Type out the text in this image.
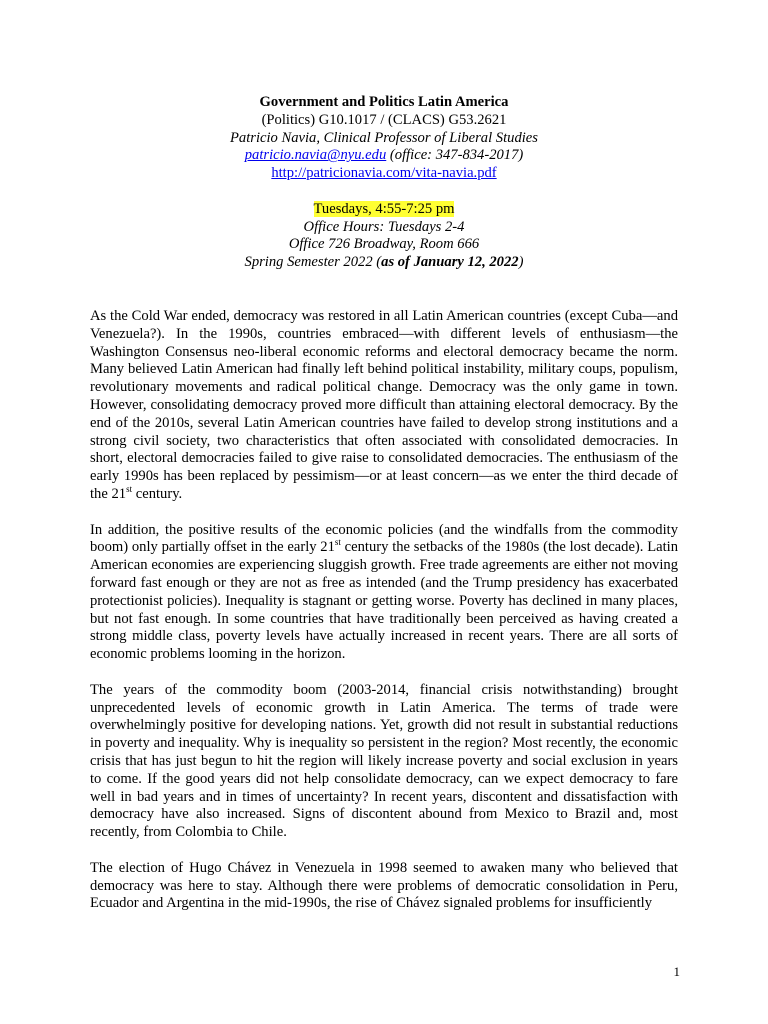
Government and Politics Latin America
(Politics) G10.1017 / (CLACS) G53.2621
Patricio Navia, Clinical Professor of Liberal Studies
patricio.navia@nyu.edu (office: 347-834-2017)
http://patricionavia.com/vita-navia.pdf
Tuesdays, 4:55-7:25 pm
Office Hours: Tuesdays 2-4
Office 726 Broadway, Room 666
Spring Semester 2022 (as of January 12, 2022)

As the Cold War ended, democracy was restored in all Latin American countries (except Cuba—and Venezuela?). In the 1990s, countries embraced—with different levels of enthusiasm—the Washington Consensus neo-liberal economic reforms and electoral democracy became the norm. Many believed Latin American had finally left behind political instability, military coups, populism, revolutionary movements and radical political change. Democracy was the only game in town. However, consolidating democracy proved more difficult than attaining electoral democracy. By the end of the 2010s, several Latin American countries have failed to develop strong institutions and a strong civil society, two characteristics that often associated with consolidated democracies. In short, electoral democracies failed to give raise to consolidated democracies. The enthusiasm of the early 1990s has been replaced by pessimism—or at least concern—as we enter the third decade of the 21st century.

In addition, the positive results of the economic policies (and the windfalls from the commodity boom) only partially offset in the early 21st century the setbacks of the 1980s (the lost decade). Latin American economies are experiencing sluggish growth. Free trade agreements are either not moving forward fast enough or they are not as free as intended (and the Trump presidency has exacerbated protectionist policies). Inequality is stagnant or getting worse. Poverty has declined in many places, but not fast enough. In some countries that have traditionally been perceived as having created a strong middle class, poverty levels have actually increased in recent years. There are all sorts of economic problems looming in the horizon.

The years of the commodity boom (2003-2014, financial crisis notwithstanding) brought unprecedented levels of economic growth in Latin America. The terms of trade were overwhelmingly positive for developing nations. Yet, growth did not result in substantial reductions in poverty and inequality. Why is inequality so persistent in the region? Most recently, the economic crisis that has just begun to hit the region will likely increase poverty and social exclusion in years to come. If the good years did not help consolidate democracy, can we expect democracy to fare well in bad years and in times of uncertainty? In recent years, discontent and dissatisfaction with democracy have also increased. Signs of discontent abound from Mexico to Brazil and, most recently, from Colombia to Chile.

The election of Hugo Chávez in Venezuela in 1998 seemed to awaken many who believed that democracy was here to stay. Although there were problems of democratic consolidation in Peru, Ecuador and Argentina in the mid-1990s, the rise of Chávez signaled problems for insufficiently

1
